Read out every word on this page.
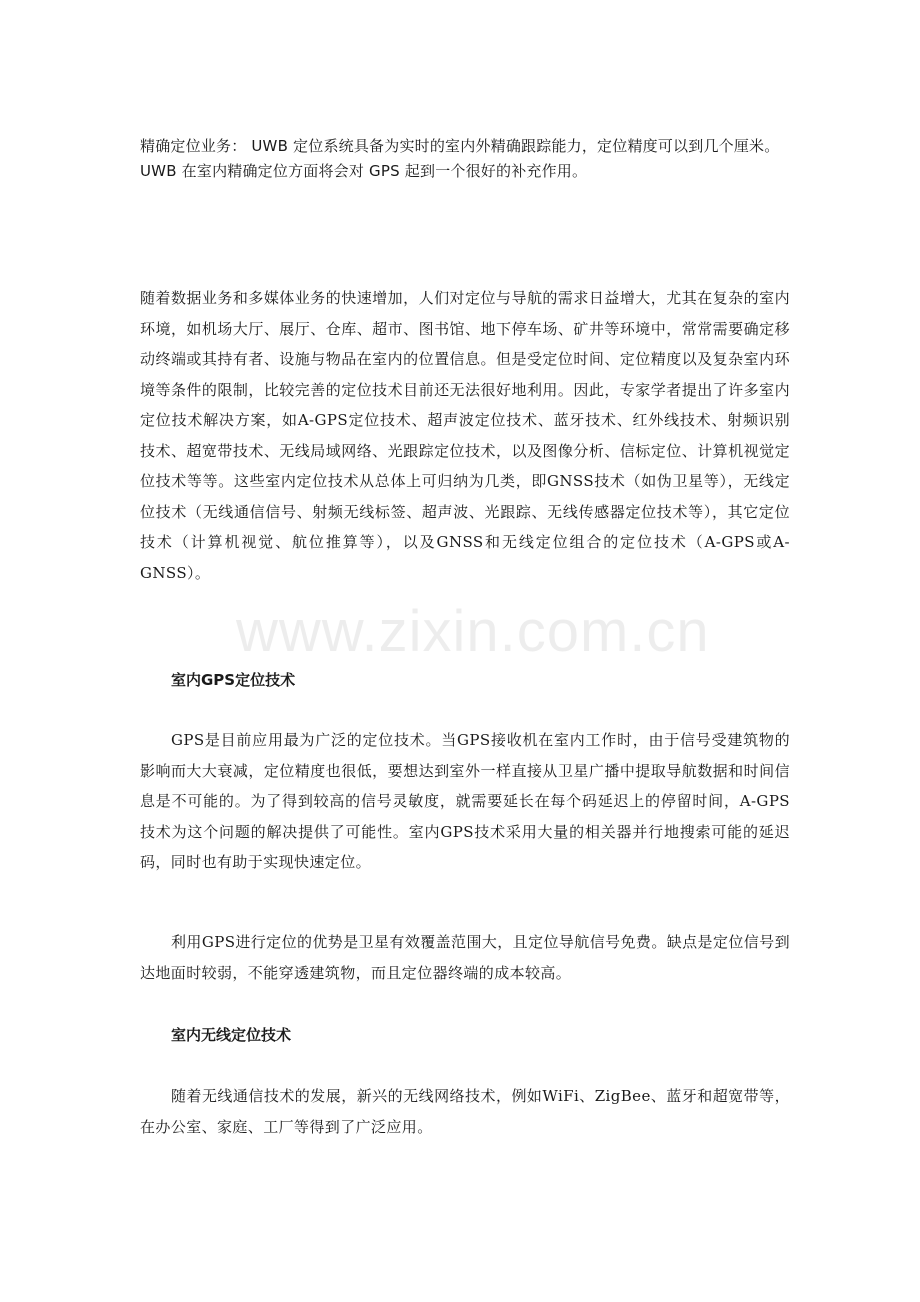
www.zixin.com.cn

精确定位业务： UWB 定位系统具备为实时的室内外精确跟踪能力，定位精度可以到几个厘米。 UWB 在室内精确定位方面将会对 GPS 起到一个很好的补充作用。

随着数据业务和多媒体业务的快速增加，人们对定位与导航的需求日益增大，尤其在复杂的室内环境，如机场大厅、展厅、仓库、超市、图书馆、地下停车场、矿井等环境中，常常需要确定移动终端或其持有者、设施与物品在室内的位置信息。但是受定位时间、定位精度以及复杂室内环境等条件的限制，比较完善的定位技术目前还无法很好地利用。因此，专家学者提出了许多室内定位技术解决方案，如A-GPS定位技术、超声波定位技术、蓝牙技术、红外线技术、射频识别技术、超宽带技术、无线局域网络、光跟踪定位技术，以及图像分析、信标定位、计算机视觉定位技术等等。这些室内定位技术从总体上可归纳为几类，即GNSS技术（如伪卫星等），无线定位技术（无线通信信号、射频无线标签、超声波、光跟踪、无线传感器定位技术等），其它定位技术（计算机视觉、航位推算等），以及GNSS和无线定位组合的定位技术（A-GPS或A-GNSS）。

室内GPS定位技术

GPS是目前应用最为广泛的定位技术。当GPS接收机在室内工作时，由于信号受建筑物的影响而大大衰减，定位精度也很低，要想达到室外一样直接从卫星广播中提取导航数据和时间信息是不可能的。为了得到较高的信号灵敏度，就需要延长在每个码延迟上的停留时间，A-GPS技术为这个问题的解决提供了可能性。室内GPS技术采用大量的相关器并行地搜索可能的延迟码，同时也有助于实现快速定位。

利用GPS进行定位的优势是卫星有效覆盖范围大，且定位导航信号免费。缺点是定位信号到达地面时较弱，不能穿透建筑物，而且定位器终端的成本较高。

室内无线定位技术

随着无线通信技术的发展，新兴的无线网络技术，例如WiFi、ZigBee、蓝牙和超宽带等，在办公室、家庭、工厂等得到了广泛应用。
